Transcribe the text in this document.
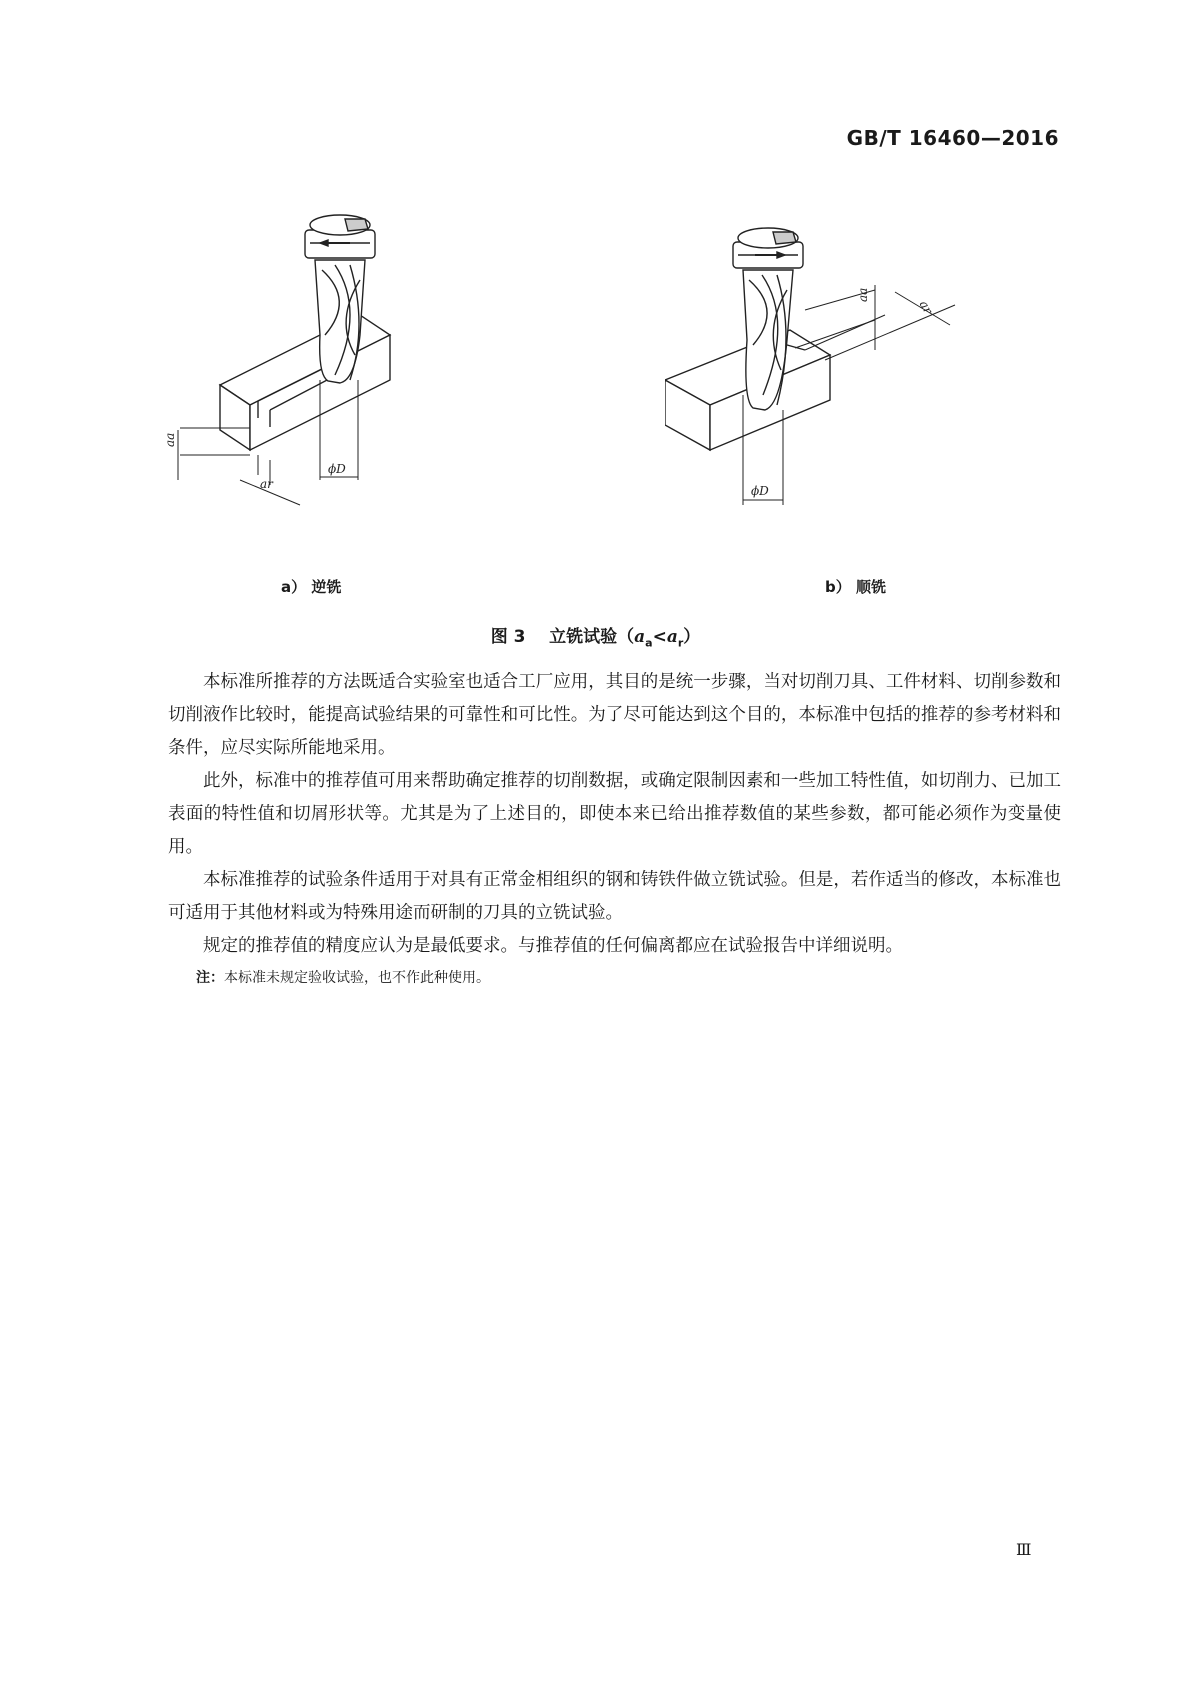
GB/T 16460—2016
aa
ar
ϕD
aa
ar
ϕD
a） 逆铣	b） 顺铣
图 3 立铣试验$(a_a<a_r)$

本标准所推荐的方法既适合实验室也适合工厂应用，其目的是统一步骤，当对切削刀具、工件材料、切削参数和切削液作比较时，能提高试验结果的可靠性和可比性。为了尽可能达到这个目的，本标准中包括的推荐的参考材料和条件，应尽实际所能地采用。

此外，标准中的推荐值可用来帮助确定推荐的切削数据，或确定限制因素和一些加工特性值，如切削力、已加工表面的特性值和切屑形状等。尤其是为了上述目的，即使本来已给出推荐数值的某些参数，都可能必须作为变量使用。

本标准推荐的试验条件适用于对具有正常金相组织的钢和铸铁件做立铣试验。但是，若作适当的修改，本标准也可适用于其他材料或为特殊用途而研制的刀具的立铣试验。

规定的推荐值的精度应认为是最低要求。与推荐值的任何偏离都应在试验报告中详细说明。

注：本标准未规定验收试验，也不作此种使用。

Ⅲ
